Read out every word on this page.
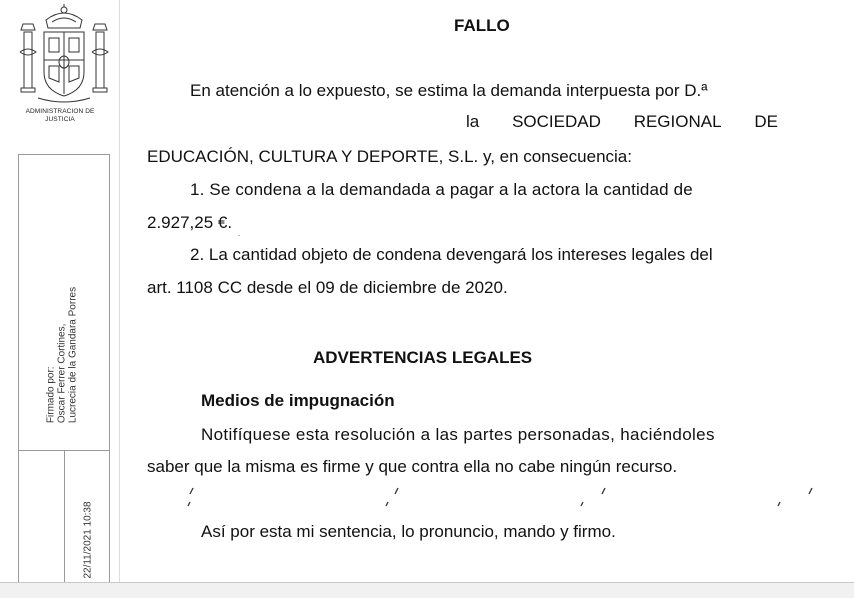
ADMINISTRACION DE JUSTICIA
Firmado por: Oscar Ferrer Cortines, Lucrecia de la Gandara Porres
22/11/2021 10:38
FALLO
En atención a lo expuesto, se estima la demanda interpuesta por D.ª
la SOCIEDAD REGIONAL DE
EDUCACIÓN, CULTURA Y DEPORTE, S.L. y, en consecuencia:
1. Se condena a la demandada a pagar a la actora la cantidad de
2.927,25 €.
2. La cantidad objeto de condena devengará los intereses legales del
art. 1108 CC desde el 09 de diciembre de 2020.
ADVERTENCIAS LEGALES
Medios de impugnación
Notifíquese esta resolución a las partes personadas, haciéndoles
saber que la misma es firme y que contra ella no cabe ningún recurso.
Así por esta mi sentencia, lo pronuncio, mando y firmo.
